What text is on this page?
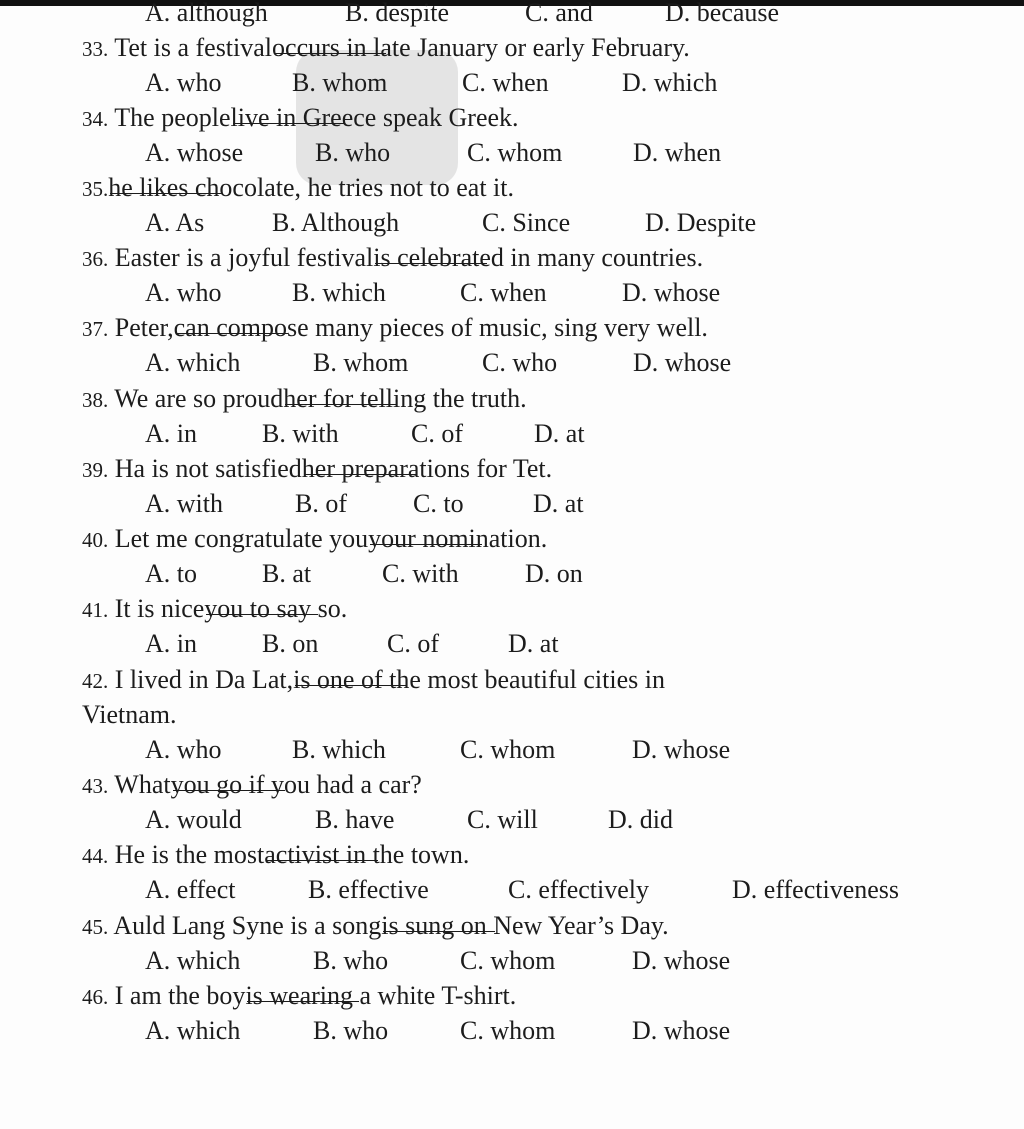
A. although	B. despite	C. and	D. because
33. Tet is a festival
occurs in late January or early February.
A. who	B. whom	C. when	D. which
34. The people
live in Greece speak Greek.
A. whose	B. who	C. whom	D. when
35.
he likes chocolate, he tries not to eat it.
A. As	B. Although	C. Since	D. Despite
36. Easter is a joyful festival
is celebrated in many countries.
A. who	B. which	C. when	D. whose
37. Peter,
can compose many pieces of music, sing very well.
A. which	B. whom	C. who	D. whose
38. We are so proud
her for telling the truth.
A. in	B. with	C. of	D. at
39. Ha is not satisfied
her preparations for Tet.
A. with	B. of	C. to	D. at
40. Let me congratulate you
your nomination.
A. to	B. at	C. with	D. on
41. It is nice
you to say so.
A. in	B. on	C. of	D. at
42. I lived in Da Lat,
is one of the most beautiful cities in
Vietnam.
A. who	B. which	C. whom	D. whose
43. What
you go if you had a car?
A. would	B. have	C. will	D. did
44. He is the most
activist in the town.
A. effect	B. effective	C. effectively	D. effectiveness
45. Auld Lang Syne is a song
is sung on New Year’s Day.
A. which	B. who	C. whom	D. whose
46. I am the boy
is wearing a white T-shirt.
A. which	B. who	C. whom	D. whose
